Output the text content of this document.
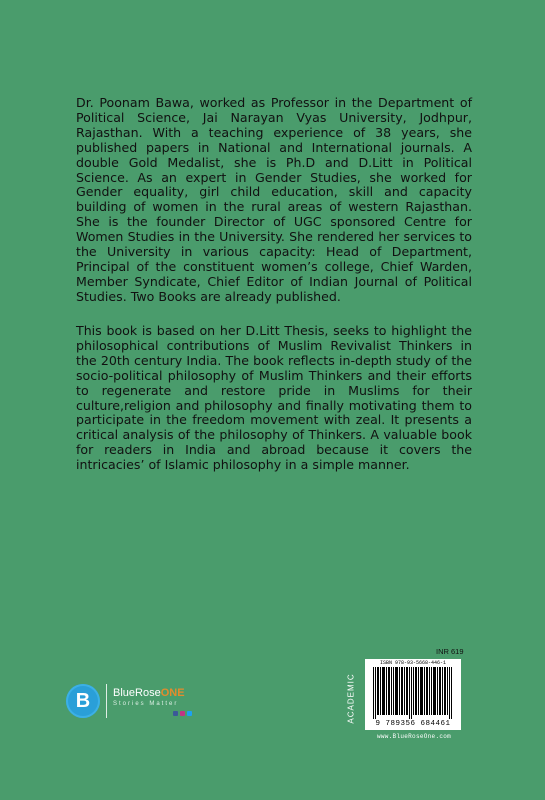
Dr. Poonam Bawa, worked as Professor in the Department of Political Science, Jai Narayan Vyas University, Jodhpur, Rajasthan. With a teaching experience of 38 years, she published papers in National and International journals. A double Gold Medalist, she is Ph.D and D.Litt in Political Science. As an expert in Gender Studies, she worked for Gender equality, girl child education, skill and capacity building of women in the rural areas of western Rajasthan. She is the founder Director of UGC sponsored Centre for Women Studies in the University. She rendered her services to the University in various capacity: Head of Department, Principal of the constituent women’s college, Chief Warden, Member Syndicate, Chief Editor of Indian Journal of Political Studies. Two Books are already published.

This book is based on her D.Litt Thesis, seeks to highlight the philosophical contributions of Muslim Revivalist Thinkers in the 20th century India. The book reflects in-depth study of the socio-political philosophy of Muslim Thinkers and their efforts to regenerate and restore pride in Muslims for their culture,religion and philosophy and finally motivating them to participate in the freedom movement with zeal. It presents a critical analysis of the philosophy of Thinkers. A valuable book for readers in India and abroad because it covers the intricacies’ of Islamic philosophy in a simple manner.

B	BlueRoseONE
Stories Matter	ACADEMIC
INR 619
ISBN 978-93-5668-446-1
9 789356 684461
www.BlueRoseOne.com
